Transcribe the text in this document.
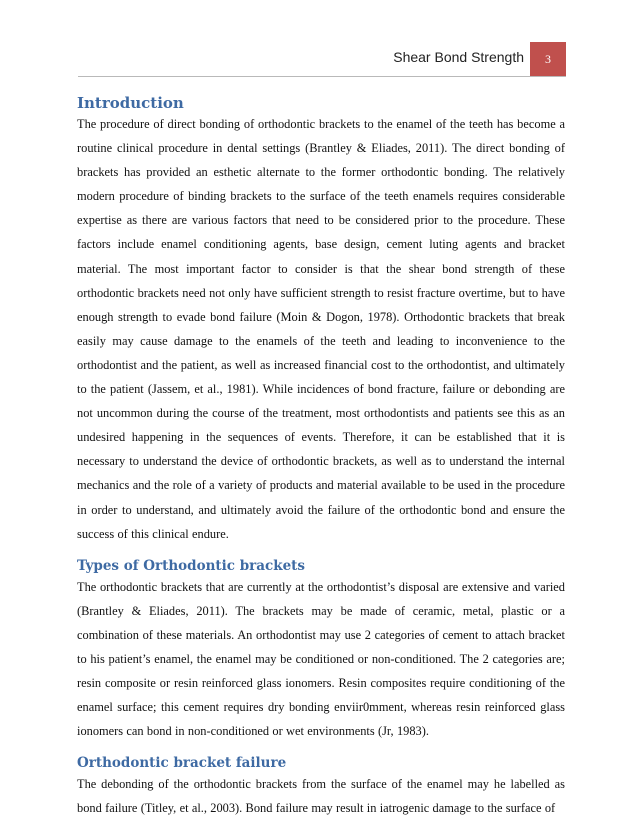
Shear Bond Strength 3
Introduction

The procedure of direct bonding of orthodontic brackets to the enamel of the teeth has become a routine clinical procedure in dental settings (Brantley & Eliades, 2011). The direct bonding of brackets has provided an esthetic alternate to the former orthodontic bonding. The relatively modern procedure of binding brackets to the surface of the teeth enamels requires considerable expertise as there are various factors that need to be considered prior to the procedure. These factors include enamel conditioning agents, base design, cement luting agents and bracket material. The most important factor to consider is that the shear bond strength of these orthodontic brackets need not only have sufficient strength to resist fracture overtime, but to have enough strength to evade bond failure (Moin & Dogon, 1978). Orthodontic brackets that break easily may cause damage to the enamels of the teeth and leading to inconvenience to the orthodontist and the patient, as well as increased financial cost to the orthodontist, and ultimately to the patient (Jassem, et al., 1981). While incidences of bond fracture, failure or debonding are not uncommon during the course of the treatment, most orthodontists and patients see this as an undesired happening in the sequences of events. Therefore, it can be established that it is necessary to understand the device of orthodontic brackets, as well as to understand the internal mechanics and the role of a variety of products and material available to be used in the procedure in order to understand, and ultimately avoid the failure of the orthodontic bond and ensure the success of this clinical endure.

Types of Orthodontic brackets

The orthodontic brackets that are currently at the orthodontist’s disposal are extensive and varied (Brantley & Eliades, 2011). The brackets may be made of ceramic, metal, plastic or a combination of these materials. An orthodontist may use 2 categories of cement to attach bracket to his patient’s enamel, the enamel may be conditioned or non-conditioned. The 2 categories are; resin composite or resin reinforced glass ionomers. Resin composites require conditioning of the enamel surface; this cement requires dry bonding enviir0mment, whereas resin reinforced glass ionomers can bond in non-conditioned or wet environments (Jr, 1983).

Orthodontic bracket failure

The debonding of the orthodontic brackets from the surface of the enamel may he labelled as bond failure (Titley, et al., 2003). Bond failure may result in iatrogenic damage to the surface of
